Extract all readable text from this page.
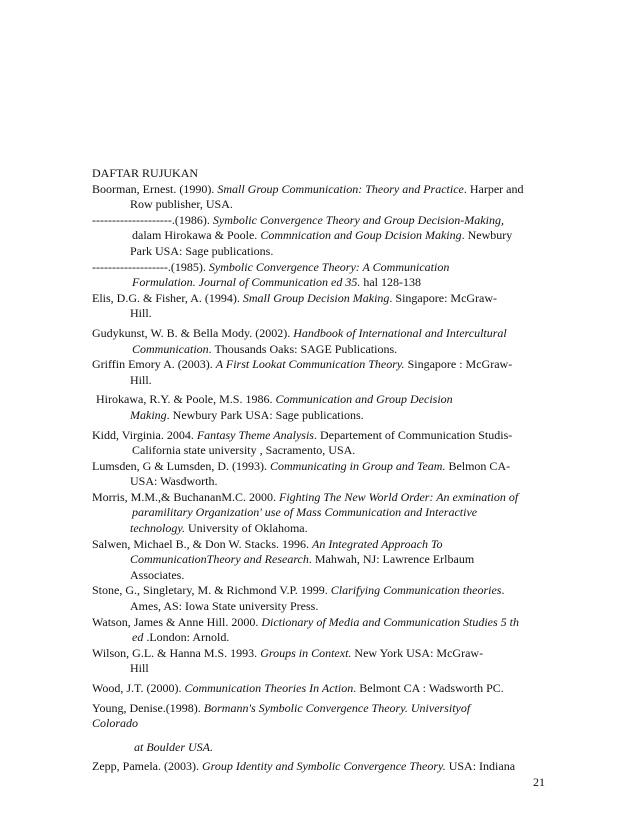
DAFTAR RUJUKAN

Boorman, Ernest. (1990). Small Group Communication: Theory and Practice. Harper and
Row publisher, USA.

--------------------.(1986). Symbolic Convergence Theory and Group Decision-Making,
dalam Hirokawa & Poole. Commnication and Goup Dcision Making. Newbury
Park USA: Sage publications.

-------------------.(1985). Symbolic Convergence Theory: A Communication
Formulation. Journal of Communication ed 35. hal 128-138

Elis, D.G. & Fisher, A. (1994). Small Group Decision Making. Singapore: McGraw-
Hill.

Gudykunst, W. B. & Bella Mody. (2002). Handbook of International and Intercultural
Communication. Thousands Oaks: SAGE Publications.

Griffin Emory A. (2003). A First Lookat Communication Theory. Singapore : McGraw-
Hill.

Hirokawa, R.Y. & Poole, M.S. 1986. Communication and Group Decision
Making. Newbury Park USA: Sage publications.

Kidd, Virginia. 2004. Fantasy Theme Analysis. Departement of Communication Studis-
California state university , Sacramento, USA.

Lumsden, G & Lumsden, D. (1993). Communicating in Group and Team. Belmon CA-
USA: Wasdworth.

Morris, M.M.,& BuchananM.C. 2000. Fighting The New World Order: An exmination of
paramilitary Organization' use of Mass Communication and Interactive
technology. University of Oklahoma.

Salwen, Michael B., & Don W. Stacks. 1996. An Integrated Approach To
CommunicationTheory and Research. Mahwah, NJ: Lawrence Erlbaum
Associates.

Stone, G., Singletary, M. & Richmond V.P. 1999. Clarifying Communication theories.
Ames, AS: Iowa State university Press.

Watson, James & Anne Hill. 2000. Dictionary of Media and Communication Studies 5 th
ed .London: Arnold.

Wilson, G.L. & Hanna M.S. 1993. Groups in Context. New York USA: McGraw-
Hill

Wood, J.T. (2000). Communication Theories In Action. Belmont CA : Wadsworth PC.

Young, Denise.(1998). Bormann's Symbolic Convergence Theory. Universityof
Colorado
at Boulder USA.

Zepp, Pamela. (2003). Group Identity and Symbolic Convergence Theory. USA: Indiana

21
